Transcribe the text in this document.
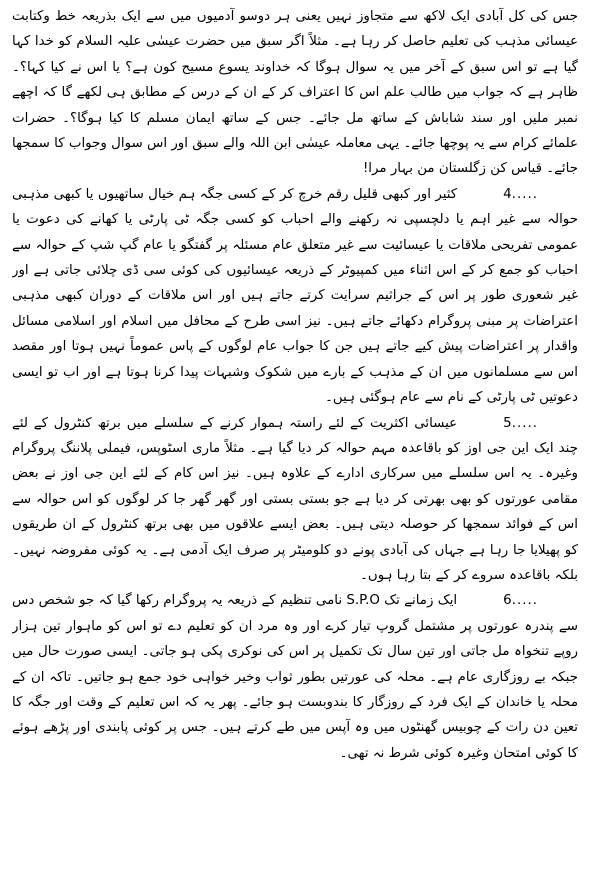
جس کی کل آبادی ایک لاکھ سے متجاوز نہیں یعنی ہر دوسو آدمیوں میں سے ایک بذریعہ خط وکتابت عیسائی مذہب کی تعلیم حاصل کر رہا ہے۔ مثلاً اگر سبق میں حضرت عیسٰی علیہ السلام کو خدا کہا گیا ہے تو اس سبق کے آخر میں یہ سوال ہوگا کہ خداوند یسوع مسیح کون ہے؟ یا اس نے کیا کہا؟۔ ظاہر ہے کہ جواب میں طالب علم اس کا اعتراف کر کے ان کے درس کے مطابق ہی لکھے گا کہ اچھے نمبر ملیں اور سند شاباش کے ساتھ مل جائے۔ جس کے ساتھ ایمان مسلم کا کیا ہوگا؟۔ حضرات علمائے کرام سے یہ پوچھا جائے۔ یہی معاملہ عیسٰی ابن اللہ والے سبق اور اس سوال وجواب کا سمجھا جائے۔ قیاس کن زگلستان من بہار مرا!

4.....کثیر اور کبھی قلیل رقم خرچ کر کے کسی جگہ ہم خیال ساتھیوں یا کبھی مذہبی حوالہ سے غیر اہم یا دلچسپی نہ رکھنے والے احباب کو کسی جگہ ٹی پارٹی یا کھانے کی دعوت یا عمومی تفریحی ملاقات یا عیسائیت سے غیر متعلق عام مسئلہ پر گفتگو یا عام گپ شپ کے حوالہ سے احباب کو جمع کر کے اس اثناء میں کمپیوٹر کے ذریعہ عیسائیوں کی کوئی سی ڈی چلائی جاتی ہے اور غیر شعوری طور پر اس کے جراثیم سرایت کرتے جاتے ہیں اور اس ملاقات کے دوران کبھی مذہبی اعتراضات پر مبنی پروگرام دکھائے جاتے ہیں۔ نیز اسی طرح کے محافل میں اسلام اور اسلامی مسائل واقدار پر اعتراضات پیش کیے جاتے ہیں جن کا جواب عام لوگوں کے پاس عموماً نہیں ہوتا اور مقصد اس سے مسلمانوں میں ان کے مذہب کے بارے میں شکوک وشبہات پیدا کرنا ہوتا ہے اور اب تو ایسی دعوتیں ٹی پارٹی کے نام سے عام ہوگئی ہیں۔

5.....عیسائی اکثریت کے لئے راستہ ہموار کرنے کے سلسلے میں برتھ کنٹرول کے لئے چند ایک این جی اوز کو باقاعدہ مہم حوالہ کر دیا گیا ہے۔ مثلاً ماری اسٹوپس، فیملی پلاننگ پروگرام وغیرہ۔ یہ اس سلسلے میں سرکاری ادارے کے علاوہ ہیں۔ نیز اس کام کے لئے این جی اوز نے بعض مقامی عورتوں کو بھی بھرتی کر دیا ہے جو بستی بستی اور گھر گھر جا کر لوگوں کو اس حوالہ سے اس کے فوائد سمجھا کر حوصلہ دیتی ہیں۔ بعض ایسے علاقوں میں بھی برتھ کنٹرول کے ان طریقوں کو پھیلایا جا رہا ہے جہاں کی آبادی پونے دو کلومیٹر پر صرف ایک آدمی ہے۔ یہ کوئی مفروضہ نہیں۔ بلکہ باقاعدہ سروے کر کے بتا رہا ہوں۔

6.....ایک زمانے تک S.P.O نامی تنظیم کے ذریعہ یہ پروگرام رکھا گیا کہ جو شخص دس سے پندرہ عورتوں پر مشتمل گروپ تیار کرے اور وہ مرد ان کو تعلیم دے تو اس کو ماہوار تین ہزار روپے تنخواہ مل جاتی اور تین سال تک تکمیل پر اس کی نوکری پکی ہو جاتی۔ ایسی صورت حال میں جبکہ بے روزگاری عام ہے۔ محلہ کی عورتیں بطور ثواب وخیر خواہی خود جمع ہو جاتیں۔ تاکہ ان کے محلہ یا خاندان کے ایک فرد کے روزگار کا بندوبست ہو جائے۔ پھر یہ کہ اس تعلیم کے وقت اور جگہ کا تعین دن رات کے چوبیس گھنٹوں میں وہ آپس میں طے کرتے ہیں۔ جس پر کوئی پابندی اور پڑھے ہوئے کا کوئی امتحان وغیرہ کوئی شرط نہ تھی۔
